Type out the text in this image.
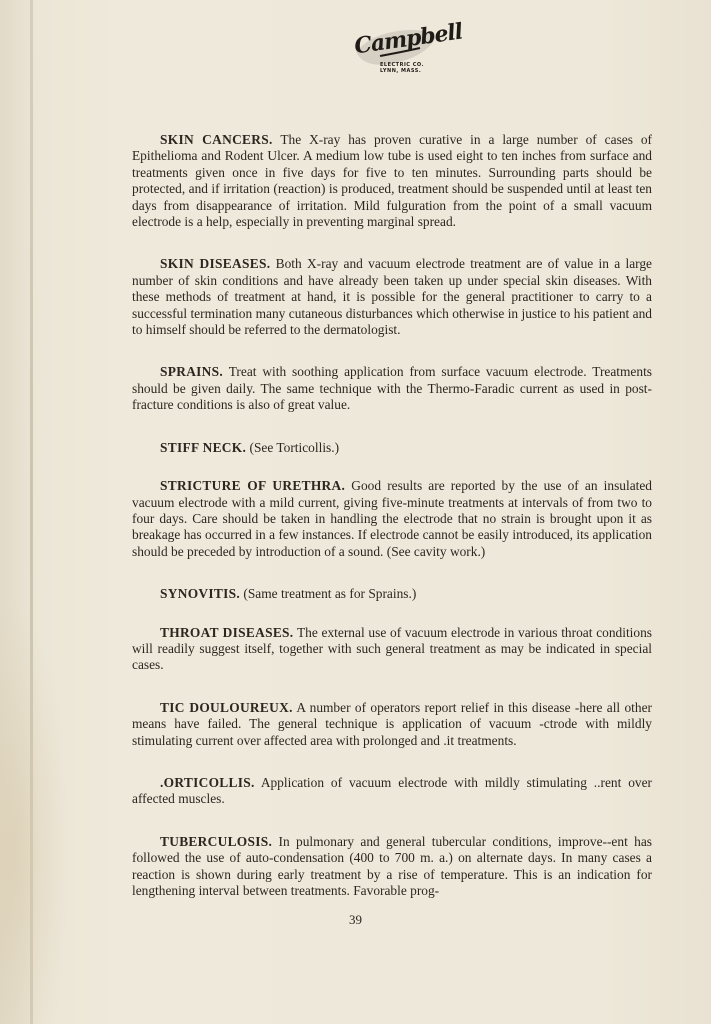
Campbell
ELECTRIC CO. LYNN, MASS.

SKIN CANCERS. The X-ray has proven curative in a large number of cases of Epithelioma and Rodent Ulcer. A medium low tube is used eight to ten inches from surface and treatments given once in five days for five to ten minutes. Surrounding parts should be protected, and if irritation (reaction) is produced, treatment should be suspended until at least ten days from disappearance of irritation. Mild fulguration from the point of a small vacuum electrode is a help, especially in preventing marginal spread.

SKIN DISEASES. Both X-ray and vacuum electrode treatment are of value in a large number of skin conditions and have already been taken up under special skin diseases. With these methods of treatment at hand, it is possible for the general practitioner to carry to a successful termination many cutaneous disturbances which otherwise in justice to his patient and to himself should be referred to the dermatologist.

SPRAINS. Treat with soothing application from surface vacuum electrode. Treatments should be given daily. The same technique with the Thermo-Faradic current as used in post-fracture conditions is also of great value.

STIFF NECK. (See Torticollis.)

STRICTURE OF URETHRA. Good results are reported by the use of an insulated vacuum electrode with a mild current, giving five-minute treatments at intervals of from two to four days. Care should be taken in handling the electrode that no strain is brought upon it as breakage has occurred in a few instances. If electrode cannot be easily introduced, its application should be preceded by introduction of a sound. (See cavity work.)

SYNOVITIS. (Same treatment as for Sprains.)

THROAT DISEASES. The external use of vacuum electrode in various throat conditions will readily suggest itself, together with such general treatment as may be indicated in special cases.

TIC DOULOUREUX. A number of operators report relief in this disease -here all other means have failed. The general technique is application of vacuum -ctrode with mildly stimulating current over affected area with prolonged and .it treatments.

.ORTICOLLIS. Application of vacuum electrode with mildly stimulating ..rent over affected muscles.

TUBERCULOSIS. In pulmonary and general tubercular conditions, improve--ent has followed the use of auto-condensation (400 to 700 m. a.) on alternate days. In many cases a reaction is shown during early treatment by a rise of temperature. This is an indication for lengthening interval between treatments. Favorable prog-

39
